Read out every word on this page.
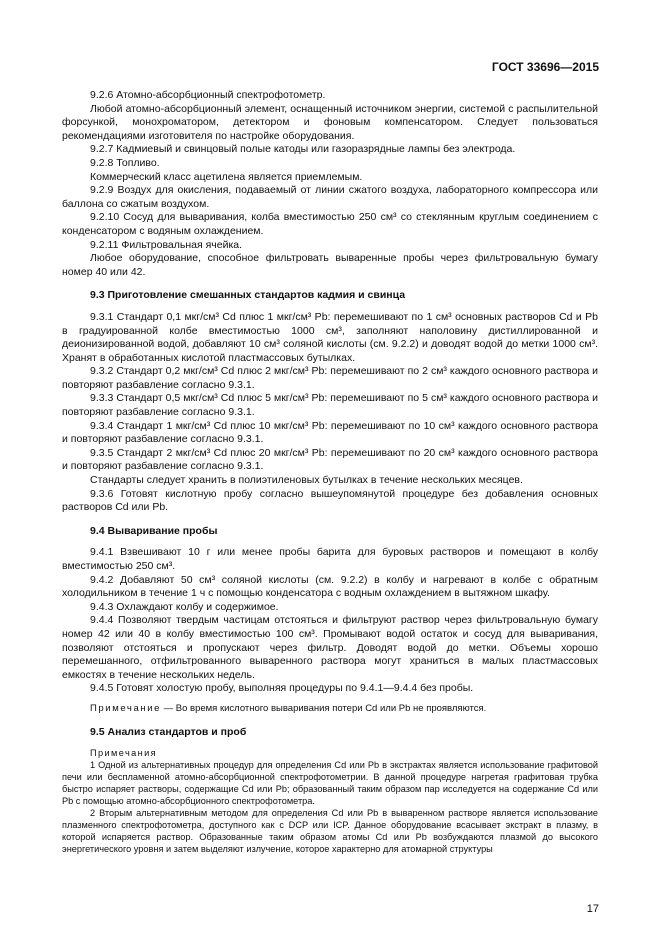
ГОСТ 33696—2015

9.2.6 Атомно-абсорбционный спектрофотометр.

Любой атомно-абсорбционный элемент, оснащенный источником энергии, системой с распылительной форсункой, монохроматором, детектором и фоновым компенсатором. Следует пользоваться рекомендациями изготовителя по настройке оборудования.

9.2.7 Кадмиевый и свинцовый полые катоды или газоразрядные лампы без электрода.

9.2.8 Топливо.

Коммерческий класс ацетилена является приемлемым.

9.2.9 Воздух для окисления, подаваемый от линии сжатого воздуха, лабораторного компрессора или баллона со сжатым воздухом.

9.2.10 Сосуд для вываривания, колба вместимостью 250 см³ со стеклянным круглым соединением с конденсатором с водяным охлаждением.

9.2.11 Фильтровальная ячейка.

Любое оборудование, способное фильтровать вываренные пробы через фильтровальную бумагу номер 40 или 42.

9.3 Приготовление смешанных стандартов кадмия и свинца

9.3.1 Стандарт 0,1 мкг/см³ Cd плюс 1 мкг/см³ Pb: перемешивают по 1 см³ основных растворов Cd и Pb в градуированной колбе вместимостью 1000 см³, заполняют наполовину дистиллированной и деионизированной водой, добавляют 10 см³ соляной кислоты (см. 9.2.2) и доводят водой до метки 1000 см³. Хранят в обработанных кислотой пластмассовых бутылках.

9.3.2 Стандарт 0,2 мкг/см³ Cd плюс 2 мкг/см³ Pb: перемешивают по 2 см³ каждого основного раствора и повторяют разбавление согласно 9.3.1.

9.3.3 Стандарт 0,5 мкг/см³ Cd плюс 5 мкг/см³ Pb: перемешивают по 5 см³ каждого основного раствора и повторяют разбавление согласно 9.3.1.

9.3.4 Стандарт 1 мкг/см³ Cd плюс 10 мкг/см³ Pb: перемешивают по 10 см³ каждого основного раствора и повторяют разбавление согласно 9.3.1.

9.3.5 Стандарт 2 мкг/см³ Cd плюс 20 мкг/см³ Pb: перемешивают по 20 см³ каждого основного раствора и повторяют разбавление согласно 9.3.1.

Стандарты следует хранить в полиэтиленовых бутылках в течение нескольких месяцев.

9.3.6 Готовят кислотную пробу согласно вышеупомянутой процедуре без добавления основных растворов Cd или Pb.

9.4 Вываривание пробы

9.4.1 Взвешивают 10 г или менее пробы барита для буровых растворов и помещают в колбу вместимостью 250 см³.

9.4.2 Добавляют 50 см³ соляной кислоты (см. 9.2.2) в колбу и нагревают в колбе с обратным холодильником в течение 1 ч с помощью конденсатора с водным охлаждением в вытяжном шкафу.

9.4.3 Охлаждают колбу и содержимое.

9.4.4 Позволяют твердым частицам отстояться и фильтруют раствор через фильтровальную бумагу номер 42 или 40 в колбу вместимостью 100 см³. Промывают водой остаток и сосуд для вываривания, позволяют отстояться и пропускают через фильтр. Доводят водой до метки. Объемы хорошо перемешанного, отфильтрованного вываренного раствора могут храниться в малых пластмассовых емкостях в течение нескольких недель.

9.4.5 Готовят холостую пробу, выполняя процедуры по 9.4.1—9.4.4 без пробы.

Примечание — Во время кислотного вываривания потери Cd или Pb не проявляются.

9.5 Анализ стандартов и проб

Примечания

1 Одной из альтернативных процедур для определения Cd или Pb в экстрактах является использование графитовой печи или беспламенной атомно-абсорбционной спектрофотометрии. В данной процедуре нагретая графитовая трубка быстро испаряет растворы, содержащие Cd или Pb; образованный таким образом пар исследуется на содержание Cd или Pb с помощью атомно-абсорбционного спектрофотометра.

2 Вторым альтернативным методом для определения Cd или Pb в вываренном растворе является использование плазменного спектрофотометра, доступного как с DCP или ICP. Данное оборудование всасывает экстракт в плазму, в которой испаряется раствор. Образованные таким образом атомы Cd или Pb возбуждаются плазмой до высокого энергетического уровня и затем выделяют излучение, которое характерно для атомарной структуры

17
